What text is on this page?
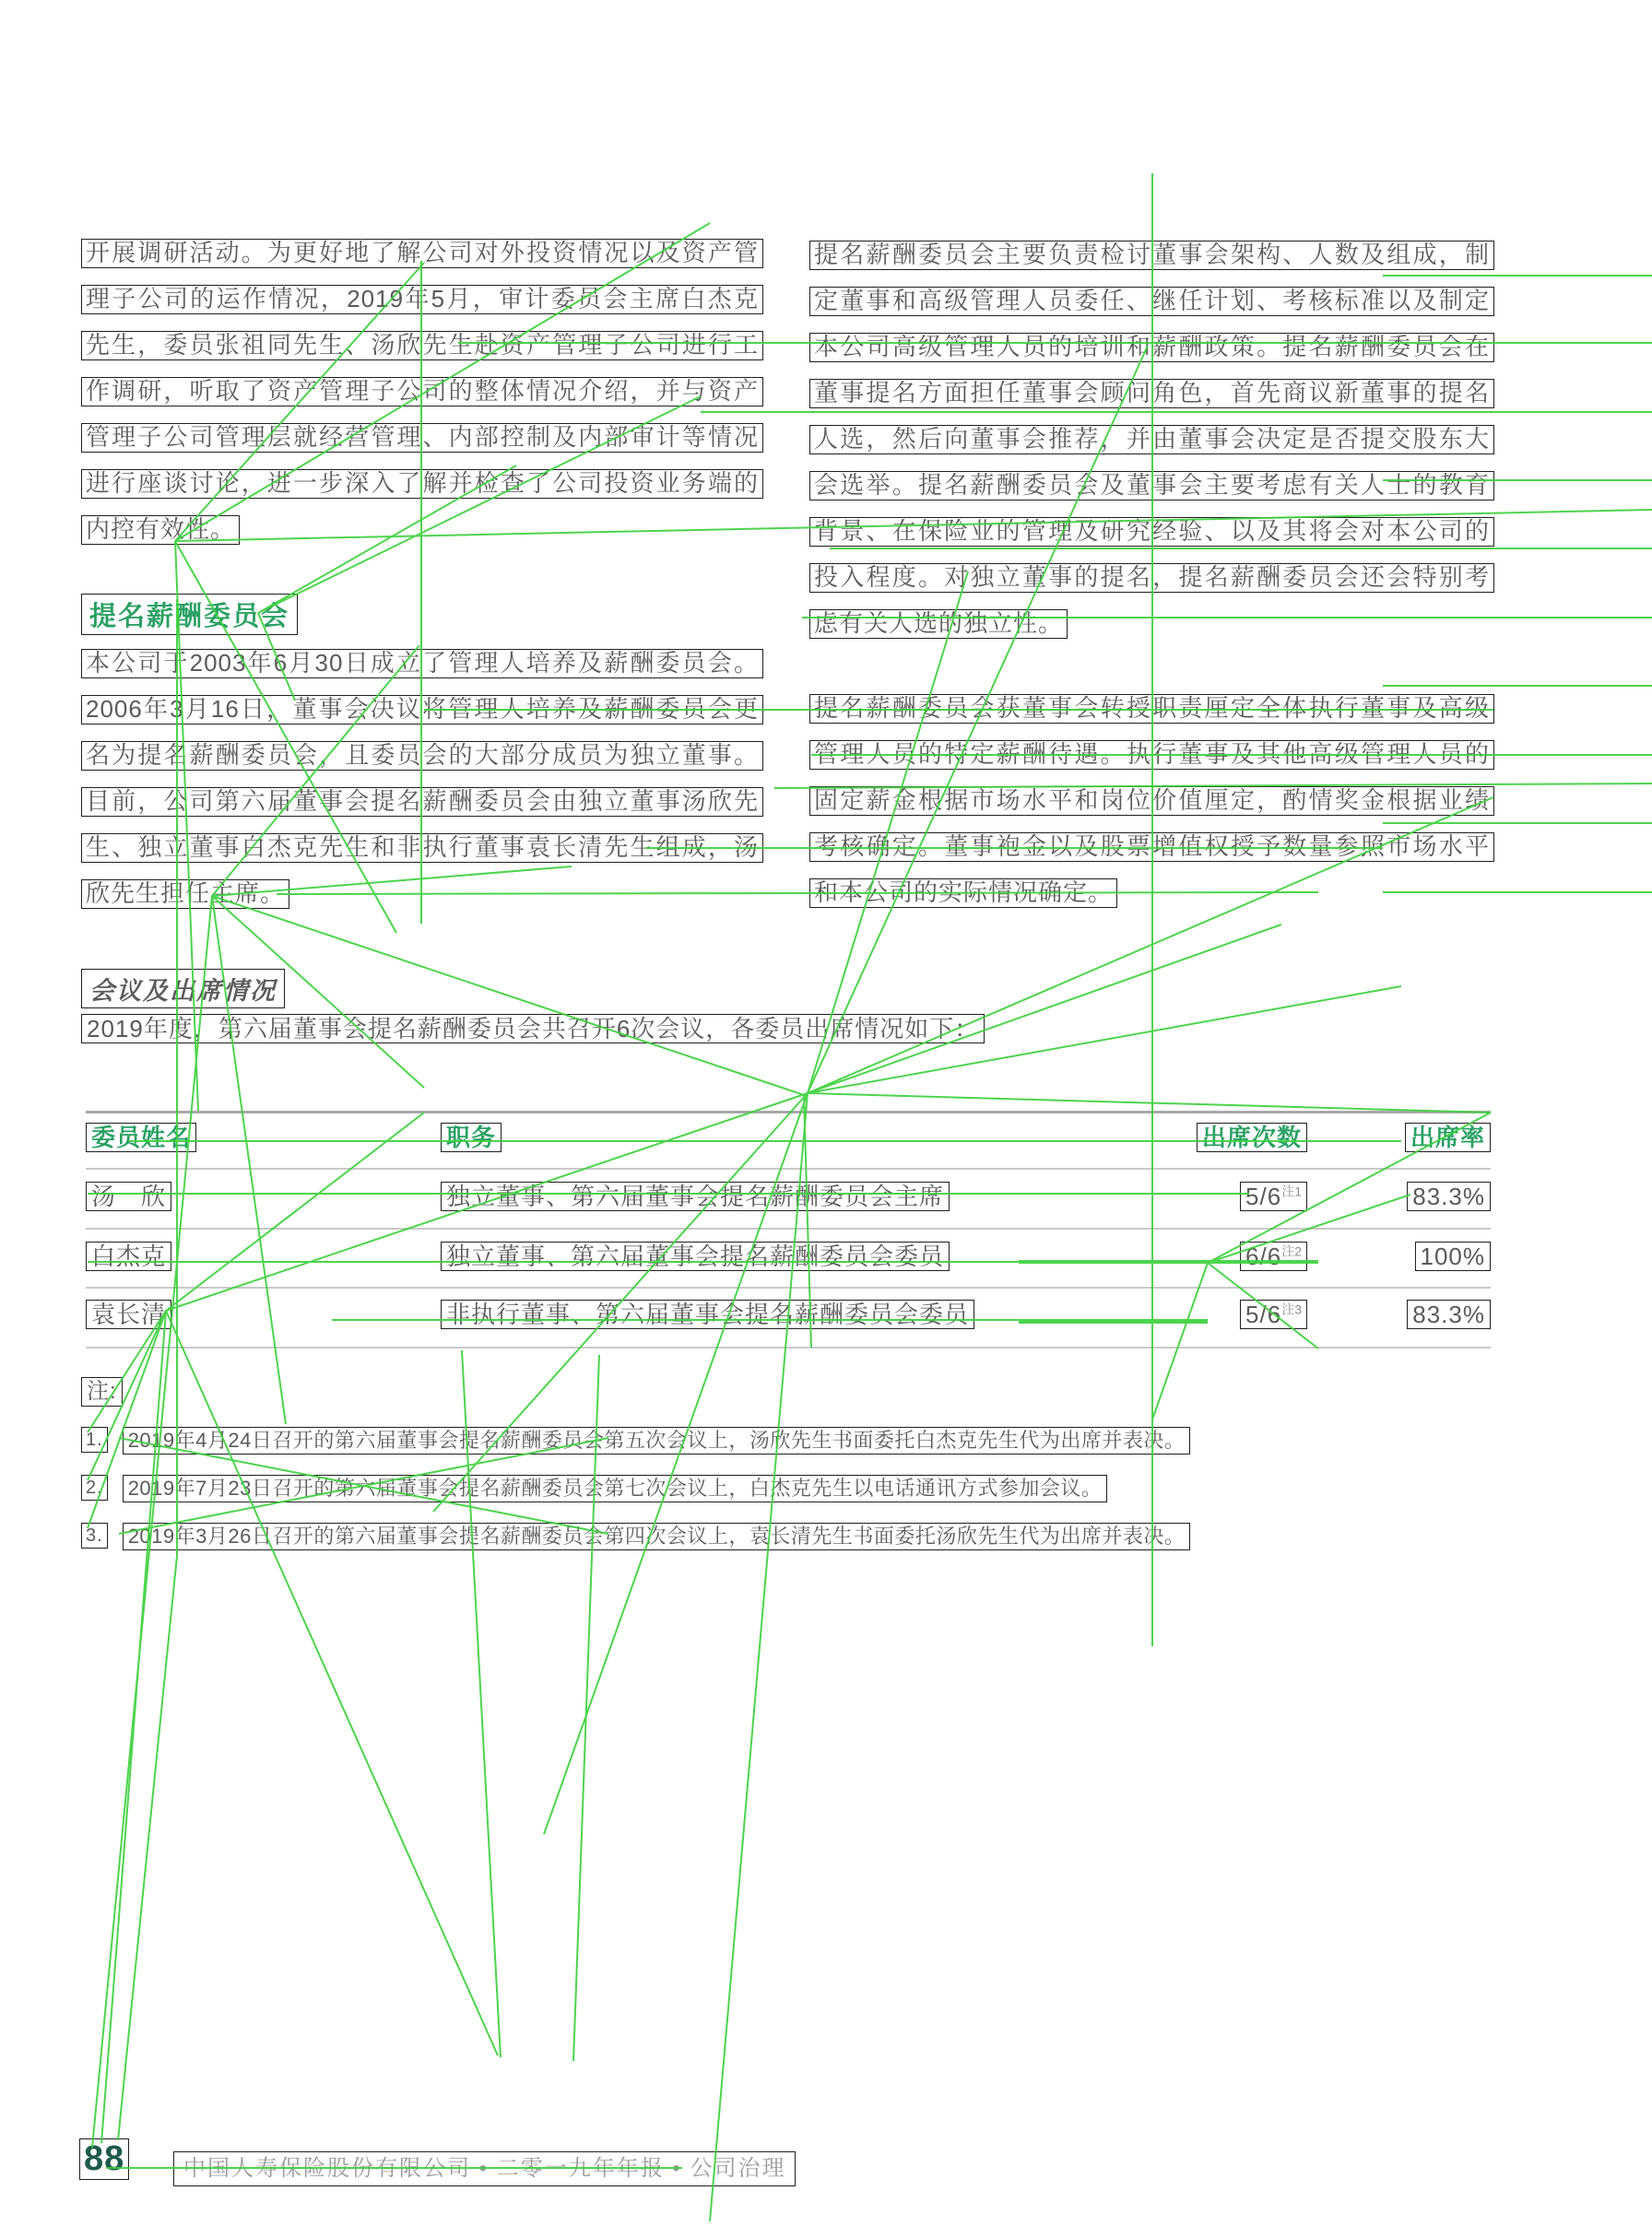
开展调研活动。为更好地了解公司对外投资情况以及资产管
理子公司的运作情况，2019年5月，审计委员会主席白杰克
先生，委员张祖同先生、汤欣先生赴资产管理子公司进行工
作调研，听取了资产管理子公司的整体情况介绍，并与资产
管理子公司管理层就经营管理、内部控制及内部审计等情况
进行座谈讨论，进一步深入了解并检查了公司投资业务端的
内控有效性。
提名薪酬委员会
本公司于2003年6月30日成立了管理人培养及薪酬委员会。
2006年3月16日，董事会决议将管理人培养及薪酬委员会更
名为提名薪酬委员会，且委员会的大部分成员为独立董事。
目前，公司第六届董事会提名薪酬委员会由独立董事汤欣先
生、独立董事白杰克先生和非执行董事袁长清先生组成，汤
欣先生担任主席。
提名薪酬委员会主要负责检讨董事会架构、人数及组成，制
定董事和高级管理人员委任、继任计划、考核标准以及制定
本公司高级管理人员的培训和薪酬政策。提名薪酬委员会在
董事提名方面担任董事会顾问角色，首先商议新董事的提名
人选，然后向董事会推荐，并由董事会决定是否提交股东大
会选举。提名薪酬委员会及董事会主要考虑有关人士的教育
背景、在保险业的管理及研究经验、以及其将会对本公司的
投入程度。对独立董事的提名，提名薪酬委员会还会特别考
虑有关人选的独立性。
提名薪酬委员会获董事会转授职责厘定全体执行董事及高级
管理人员的特定薪酬待遇。执行董事及其他高级管理人员的
固定薪金根据市场水平和岗位价值厘定，酌情奖金根据业绩
考核确定。董事袍金以及股票增值权授予数量参照市场水平
和本公司的实际情况确定。
会议及出席情况
2019年度，第六届董事会提名薪酬委员会共召开6次会议，各委员出席情况如下：
委员姓名	职务	出席次数	出席率
汤　欣	独立董事、第六届董事会提名薪酬委员会主席	5/6$^{注1}$	83.3%
白杰克	独立董事、第六届董事会提名薪酬委员会委员	6/6$^{注2}$	100%
袁长清	非执行董事、第六届董事会提名薪酬委员会委员	5/6$^{注3}$	83.3%
注:
1. 2019年4月24日召开的第六届董事会提名薪酬委员会第五次会议上，汤欣先生书面委托白杰克先生代为出席并表决。
2. 2019年7月23日召开的第六届董事会提名薪酬委员会第七次会议上，白杰克先生以电话通讯方式参加会议。
3. 2019年3月26日召开的第六届董事会提名薪酬委员会第四次会议上，袁长清先生书面委托汤欣先生代为出席并表决。
88	中国人寿保险股份有限公司 • 二零一九年年报 • 公司治理
